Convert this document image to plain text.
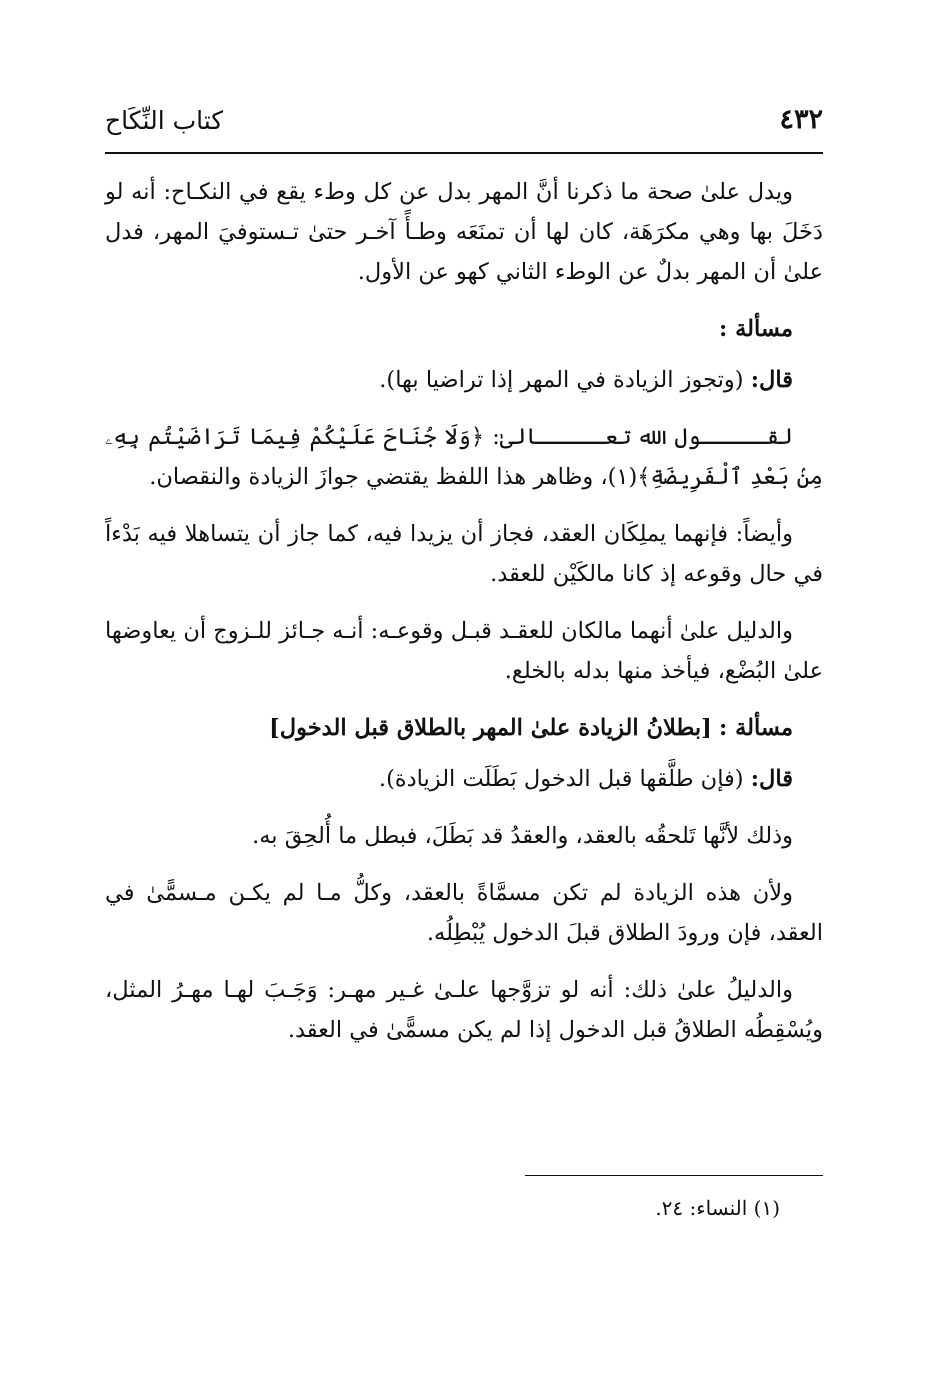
كتاب النِّكَاح	٤٣٢

ويدل علىٰ صحة ما ذكرنا أنَّ المهر بدل عن كل وطء يقع في النكـاح: أنه لو دَخَلَ بها وهي مكرَهَة، كان لها أن تمنَعَه وطـأً آخـر حتىٰ تـستوفيَ المهر، فدل علىٰ أن المهر بدلٌ عن الوطء الثاني كهو عن الأول.

مسألة :

قال: (وتجوز الزيادة في المهر إذا تراضيا بها).

لقـــــول الله تعـــــالىٰ: ﴿وَلَا جُنَاحَ عَلَيْكُمْ فِيمَا تَرَاضَيْتُم بِهِۦ مِنۢ بَعْدِ ٱلْفَرِيضَةِ﴾(١)، وظاهر هذا اللفظ يقتضي جوازَ الزيادة والنقصان.

وأيضاً: فإنهما يملِكَان العقد، فجاز أن يزيدا فيه، كما جاز أن يتساهلا فيه بَدْءاً في حال وقوعه إذ كانا مالكَيْن للعقد.

والدليل علىٰ أنهما مالكان للعقـد قبـل وقوعـه: أنـه جـائز للـزوج أن يعاوضها علىٰ البُضْع، فيأخذ منها بدله بالخلع.

مسألة : [بطلانُ الزيادة علىٰ المهر بالطلاق قبل الدخول]

قال: (فإن طلَّقها قبل الدخول بَطَلَت الزيادة).

وذلك لأنَّها تَلحقُه بالعقد، والعقدُ قد بَطَلَ، فبطل ما أُلحِقَ به.

ولأن هذه الزيادة لم تكن مسمَّاةً بالعقد، وكلُّ مـا لم يكـن مـسمًّىٰ في العقد، فإن ورودَ الطلاق قبلَ الدخول يُبْطِلُه.

والدليلُ علىٰ ذلك: أنه لو تزوَّجها علـىٰ غـير مهـر: وَجَـبَ لهـا مهـرُ المثل، ويُسْقِطُه الطلاقُ قبل الدخول إذا لم يكن مسمًّىٰ في العقد.

(١) النساء: ٢٤.
